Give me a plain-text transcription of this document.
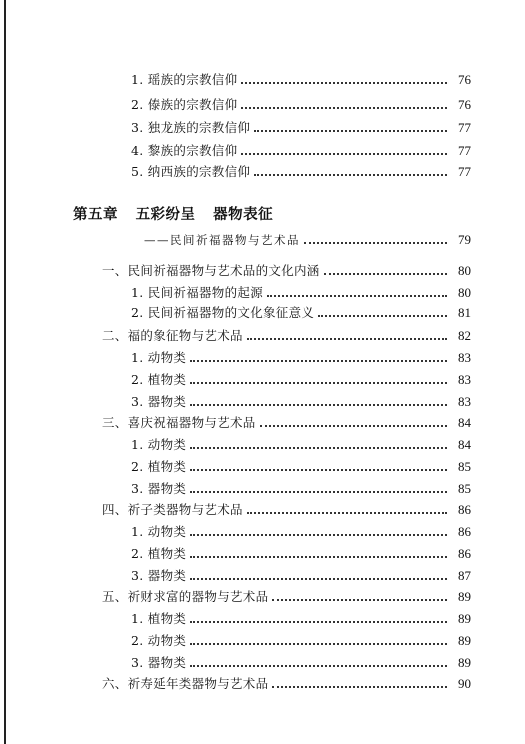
1. 瑶族的宗教信仰	76
2. 傣族的宗教信仰	76
3. 独龙族的宗教信仰	77
4. 黎族的宗教信仰	77
5. 纳西族的宗教信仰	77
第五章 五彩纷呈 器物表征
——民间祈福器物与艺术品	79
一、民间祈福器物与艺术品的文化内涵	80
1. 民间祈福器物的起源	80
2. 民间祈福器物的文化象征意义	81
二、福的象征物与艺术品	82
1. 动物类	83
2. 植物类	83
3. 器物类	83
三、喜庆祝福器物与艺术品	84
1. 动物类	84
2. 植物类	85
3. 器物类	85
四、祈子类器物与艺术品	86
1. 动物类	86
2. 植物类	86
3. 器物类	87
五、祈财求富的器物与艺术品	89
1. 植物类	89
2. 动物类	89
3. 器物类	89
六、祈寿延年类器物与艺术品	90
